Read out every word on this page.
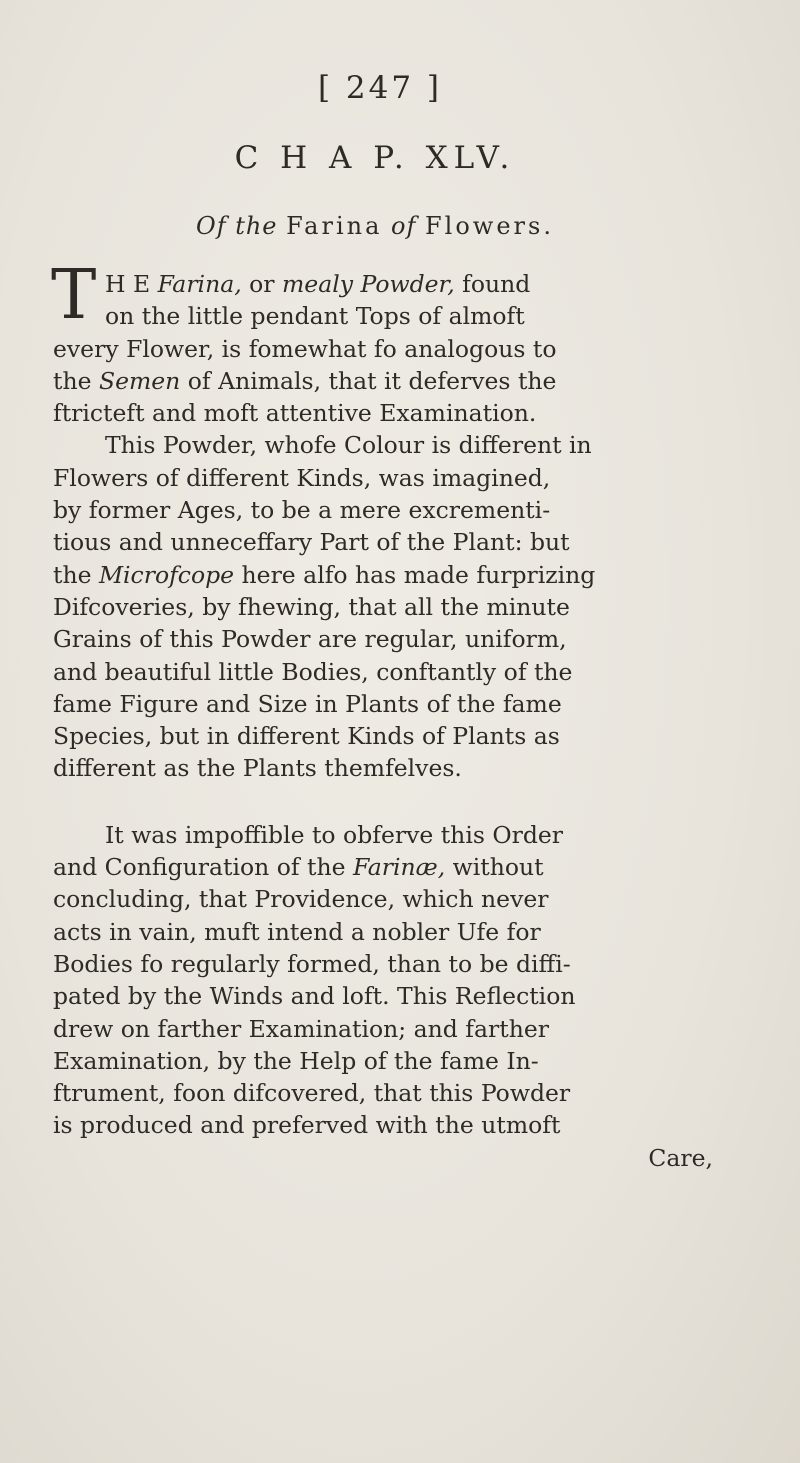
[ 247 ]
C H A P. XLV.
Of the Farina of Flowers.
T H E Farina, or mealy Powder, found
on the little pendant Tops of almoft
every Flower, is fomewhat fo analogous to
the Semen of Animals, that it deferves the
ftricteft and moft attentive Examination.
This Powder, whofe Colour is different in
Flowers of different Kinds, was imagined,
by former Ages, to be a mere excrementi-
tious and unneceffary Part of the Plant: but
the Microfcope here alfo has made furprizing
Difcoveries, by fhewing, that all the minute
Grains of this Powder are regular, uniform,
and beautiful little Bodies, conftantly of the
fame Figure and Size in Plants of the fame
Species, but in different Kinds of Plants as
different as the Plants themfelves.
It was impoffible to obferve this Order
and Configuration of the Farinæ, without
concluding, that Providence, which never
acts in vain, muft intend a nobler Ufe for
Bodies fo regularly formed, than to be diffi-
pated by the Winds and loft. This Reflection
drew on farther Examination; and farther
Examination, by the Help of the fame In-
ftrument, foon difcovered, that this Powder
is produced and preferved with the utmoft
Care,
